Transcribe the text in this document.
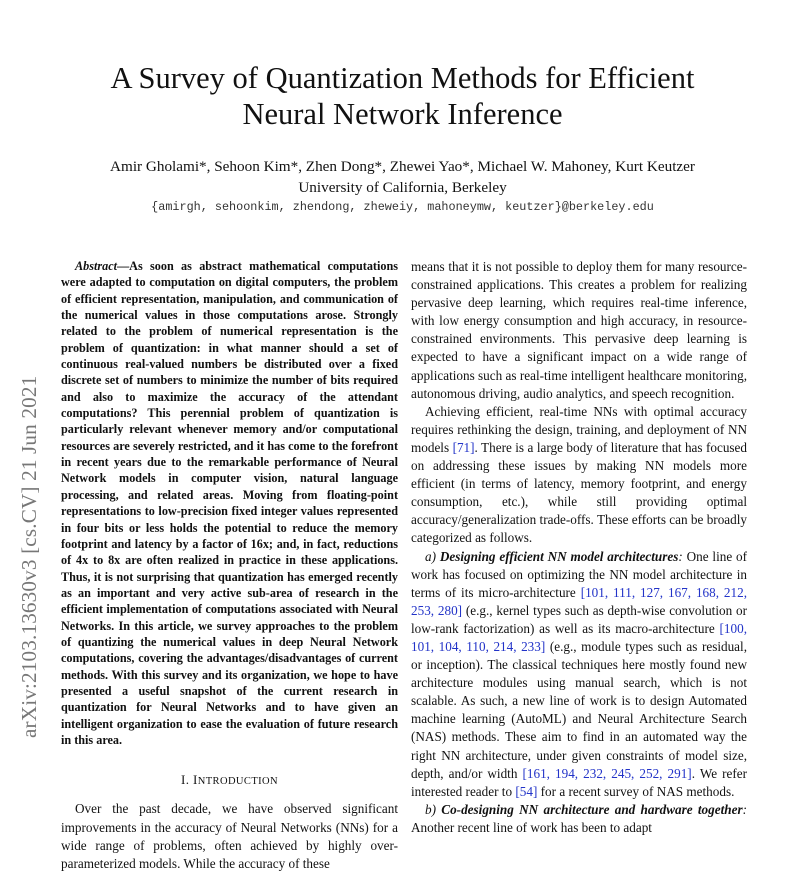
A Survey of Quantization Methods for Efficient
Neural Network Inference
Amir Gholami*, Sehoon Kim*, Zhen Dong*, Zhewei Yao*, Michael W. Mahoney, Kurt Keutzer
University of California, Berkeley
{amirgh, sehoonkim, zhendong, zheweiy, mahoneymw, keutzer}@berkeley.edu
arXiv:2103.13630v3 [cs.CV] 21 Jun 2021

Abstract—As soon as abstract mathematical computations were adapted to computation on digital computers, the problem of efficient representation, manipulation, and communication of the numerical values in those computations arose. Strongly related to the problem of numerical representation is the problem of quantization: in what manner should a set of continuous real-valued numbers be distributed over a fixed discrete set of numbers to minimize the number of bits required and also to maximize the accuracy of the attendant computations? This perennial problem of quantization is particularly relevant whenever memory and/or computational resources are severely restricted, and it has come to the forefront in recent years due to the remarkable performance of Neural Network models in computer vision, natural language processing, and related areas. Moving from floating-point representations to low-precision fixed integer values represented in four bits or less holds the potential to reduce the memory footprint and latency by a factor of 16x; and, in fact, reductions of 4x to 8x are often realized in practice in these applications. Thus, it is not surprising that quantization has emerged recently as an important and very active sub-area of research in the efficient implementation of computations associated with Neural Networks. In this article, we survey approaches to the problem of quantizing the numerical values in deep Neural Network computations, covering the advantages/disadvantages of current methods. With this survey and its organization, we hope to have presented a useful snapshot of the current research in quantization for Neural Networks and to have given an intelligent organization to ease the evaluation of future research in this area.

I. INTRODUCTION

Over the past decade, we have observed significant improvements in the accuracy of Neural Networks (NNs) for a wide range of problems, often achieved by highly over-parameterized models. While the accuracy of these

means that it is not possible to deploy them for many resource-constrained applications. This creates a problem for realizing pervasive deep learning, which requires real-time inference, with low energy consumption and high accuracy, in resource-constrained environments. This pervasive deep learning is expected to have a significant impact on a wide range of applications such as real-time intelligent healthcare monitoring, autonomous driving, audio analytics, and speech recognition.

Achieving efficient, real-time NNs with optimal accuracy requires rethinking the design, training, and deployment of NN models [71]. There is a large body of literature that has focused on addressing these issues by making NN models more efficient (in terms of latency, memory footprint, and energy consumption, etc.), while still providing optimal accuracy/generalization trade-offs. These efforts can be broadly categorized as follows.

a) Designing efficient NN model architectures: One line of work has focused on optimizing the NN model architecture in terms of its micro-architecture [101, 111, 127, 167, 168, 212, 253, 280] (e.g., kernel types such as depth-wise convolution or low-rank factorization) as well as its macro-architecture [100, 101, 104, 110, 214, 233] (e.g., module types such as residual, or inception). The classical techniques here mostly found new architecture modules using manual search, which is not scalable. As such, a new line of work is to design Automated machine learning (AutoML) and Neural Architecture Search (NAS) methods. These aim to find in an automated way the right NN architecture, under given constraints of model size, depth, and/or width [161, 194, 232, 245, 252, 291]. We refer interested reader to [54] for a recent survey of NAS methods.

b) Co-designing NN architecture and hardware together: Another recent line of work has been to adapt
